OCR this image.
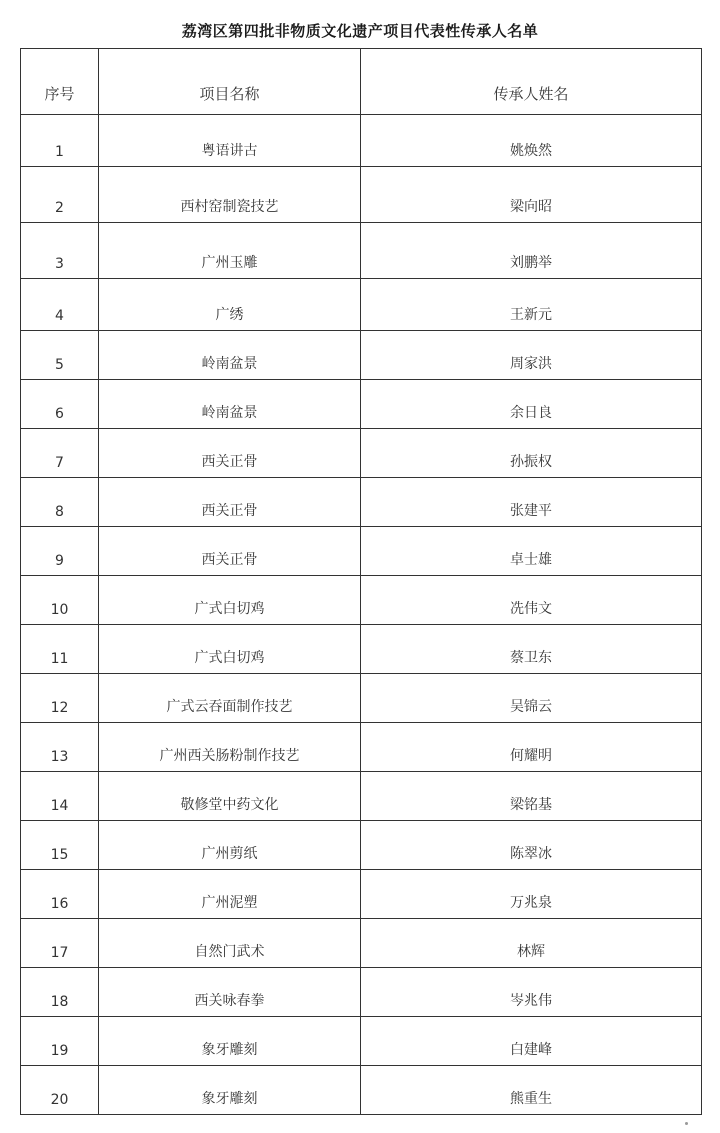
荔湾区第四批非物质文化遗产项目代表性传承人名单
序号	项目名称	传承人姓名
1	粤语讲古	姚焕然
2	西村窑制瓷技艺	梁向昭
3	广州玉雕	刘鹏举
4	广绣	王新元
5	岭南盆景	周家洪
6	岭南盆景	余日良
7	西关正骨	孙振权
8	西关正骨	张建平
9	西关正骨	卓士雄
10	广式白切鸡	冼伟文
11	广式白切鸡	蔡卫东
12	广式云吞面制作技艺	吴锦云
13	广州西关肠粉制作技艺	何耀明
14	敬修堂中药文化	梁铭基
15	广州剪纸	陈翠冰
16	广州泥塑	万兆泉
17	自然门武术	林辉
18	西关咏春拳	岑兆伟
19	象牙雕刻	白建峰
20	象牙雕刻	熊重生
